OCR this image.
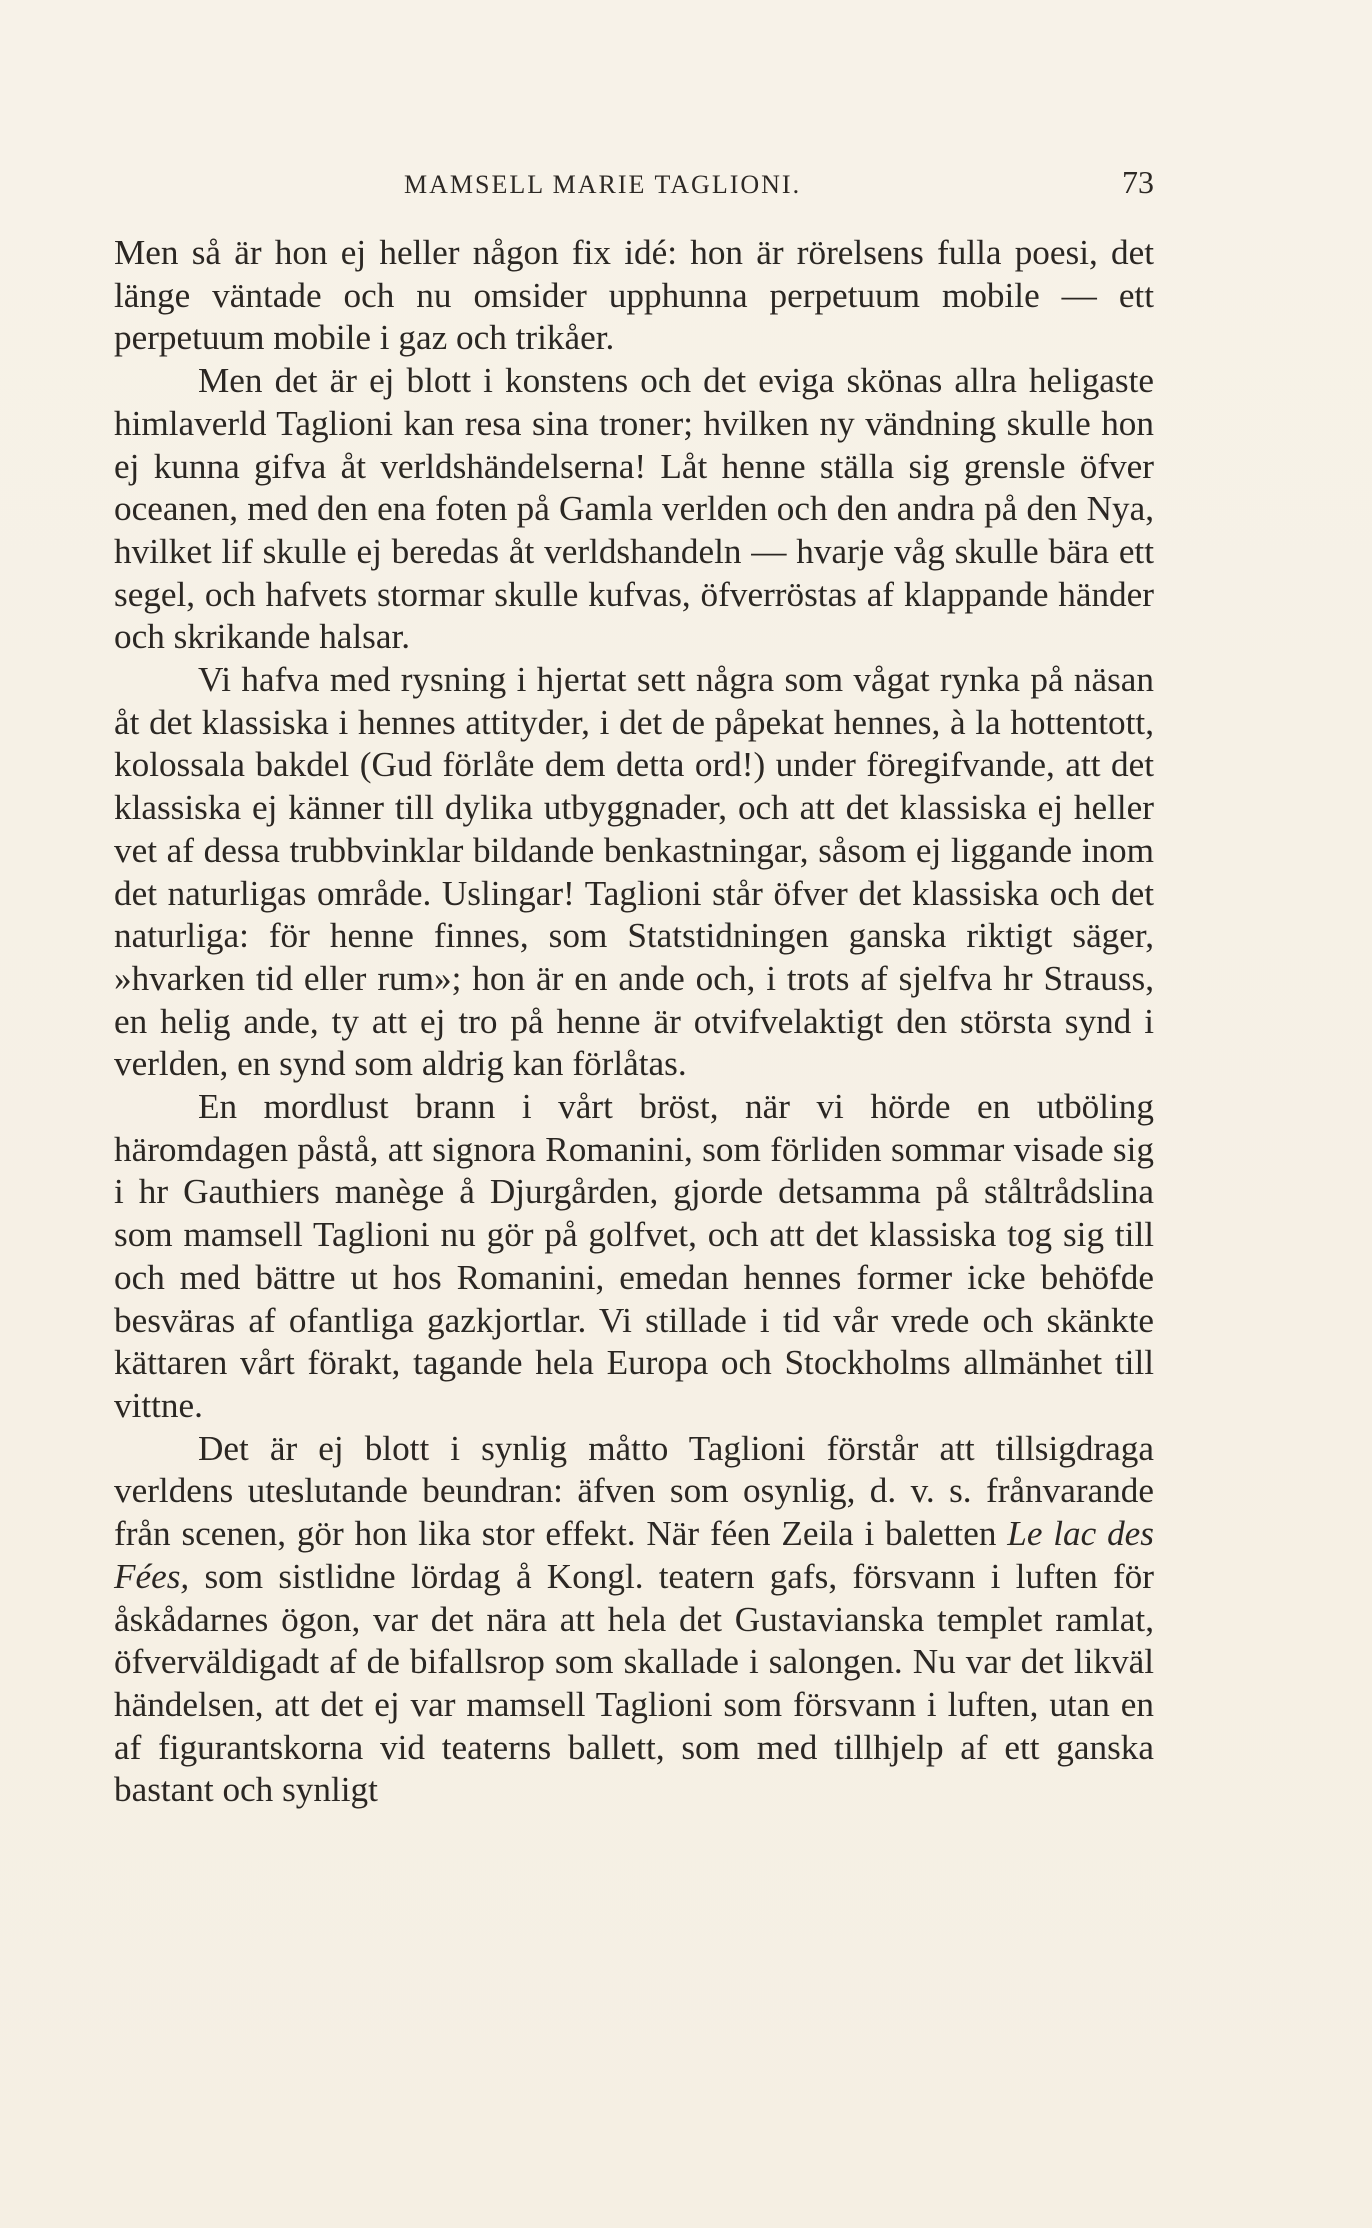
MAMSELL MARIE TAGLIONI.	73

Men så är hon ej heller någon fix idé: hon är rörelsens fulla poesi, det länge väntade och nu omsider upphunna perpetuum mobile — ett perpetuum mobile i gaz och trikåer.

Men det är ej blott i konstens och det eviga skönas allra heligaste himlaverld Taglioni kan resa sina troner; hvilken ny vändning skulle hon ej kunna gifva åt verldshändelserna! Låt henne ställa sig grensle öfver oceanen, med den ena foten på Gamla verlden och den andra på den Nya, hvilket lif skulle ej beredas åt verldshandeln — hvarje våg skulle bära ett segel, och hafvets stormar skulle kufvas, öfverröstas af klappande händer och skrikande halsar.

Vi hafva med rysning i hjertat sett några som vågat rynka på näsan åt det klassiska i hennes attityder, i det de påpekat hennes, à la hottentott, kolossala bakdel (Gud förlåte dem detta ord!) under föregifvande, att det klassiska ej känner till dylika utbyggnader, och att det klassiska ej heller vet af dessa trubbvinklar bildande benkastningar, såsom ej liggande inom det naturligas område. Uslingar! Taglioni står öfver det klassiska och det naturliga: för henne finnes, som Statstidningen ganska riktigt säger, »hvarken tid eller rum»; hon är en ande och, i trots af sjelfva hr Strauss, en helig ande, ty att ej tro på henne är otvifvelaktigt den största synd i verlden, en synd som aldrig kan förlåtas.

En mordlust brann i vårt bröst, när vi hörde en utböling häromdagen påstå, att signora Romanini, som förliden sommar visade sig i hr Gauthiers manège å Djurgården, gjorde detsamma på ståltrådslina som mamsell Taglioni nu gör på golfvet, och att det klassiska tog sig till och med bättre ut hos Romanini, emedan hennes former icke behöfde besväras af ofantliga gazkjortlar. Vi stillade i tid vår vrede och skänkte kättaren vårt förakt, tagande hela Europa och Stockholms allmänhet till vittne.

Det är ej blott i synlig måtto Taglioni förstår att tillsigdraga verldens uteslutande beundran: äfven som osynlig, d. v. s. frånvarande från scenen, gör hon lika stor effekt. När féen Zeila i baletten Le lac des Fées, som sistlidne lördag å Kongl. teatern gafs, försvann i luften för åskådarnes ögon, var det nära att hela det Gustavianska templet ramlat, öfverväldigadt af de bifallsrop som skallade i salongen. Nu var det likväl händelsen, att det ej var mamsell Taglioni som försvann i luften, utan en af figurantskorna vid teaterns ballett, som med tillhjelp af ett ganska bastant och synligt
